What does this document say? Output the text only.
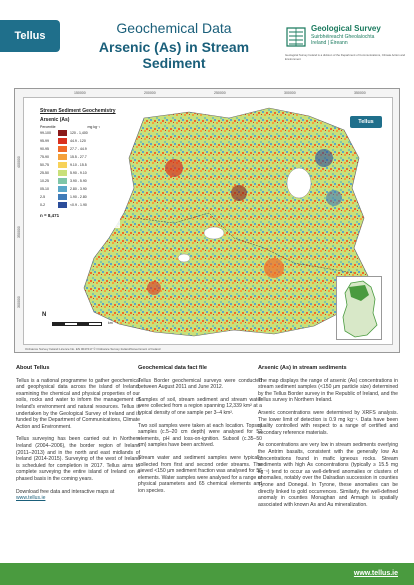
Tellus	Geochemical Data
Arsenic (As) in Stream Sediment
Geological Survey
Suirbhéireacht Gheolaíochta
Ireland | Éireann
Geological Survey Ireland is a division of the Department of Communications, Climate Action and Environment
150000	200000	250000	300000	350000
400000
350000
300000
Stream Sediment Geochemistry
Arsenic (As)
Percentile	mg kg⁻¹
99-100	120 - 1,400
95-99	44.9 - 120
90-95	27.7 - 44.9
75-90	15.5 - 27.7
50-75	9.10 - 15.5
25-50	5.90 - 9.10
10-25	3.90 - 5.90
05-10	2.80 - 3.90
2-5	1.90 - 2.80
0-2	<0.9 - 1.90
n = 8,471
Tellus
N
km
Ordnance Survey Ireland Licence No. EN 0047217 © Ordnance Survey Ireland/Government of Ireland
About Tellus

Tellus is a national programme to gather geochemical and geophysical data across the island of Ireland, examining the chemical and physical properties of our soils, rocks and water to inform the management of Ireland's environment and natural resources. Tellus is undertaken by the Geological Survey of Ireland and is funded by the Department of Communications, Climate Action and Environment.

Tellus surveying has been carried out in Northern Ireland (2004–2006), the border region of Ireland (2011–2013) and in the north and east midlands of Ireland (2014-2015). Surveying of the west of Ireland is scheduled for completion in 2017. Tellus aims to complete surveying the entire island of Ireland on a phased basis in the coming years.

Download free data and interactive maps at
www.tellus.ie

Geochemical data fact file

Tellus Border geochemical surveys were conducted between August 2011 and June 2012.

Samples of soil, stream sediment and stream water were collected from a region spanning 12,339 km² at a typical density of one sample per 3–4 km².

Two soil samples were taken at each location. Topsoil samples (c.5–20 cm depth) were analysed for 52 elements, pH and loss-on-ignition. Subsoil (c.35–50 cm) samples have been archived.

Stream water and sediment samples were typically collected from first and second order streams. The sieved <150 µm sediment fraction was analysed for 56 elements. Water samples were analysed for a range of physical parameters and 65 chemical elements and ion species.

Arsenic (As) in stream sediments

The map displays the range of arsenic (As) concentrations in stream sediment samples (<150 µm particle size) determined by the Tellus Border survey in the Republic of Ireland, and the Tellus survey in Northern Ireland.

Arsenic concentrations were determined by XRFS analysis. The lower limit of detection is 0.9 mg kg⁻¹. Data have been quality controlled with respect to a range of certified and secondary reference materials.

As concentrations are very low in stream sediments overlying the Antrim basalts, consistent with the generally low As concentrations found in mafic igneous rocks. Stream sediments with high As concentrations (typically ≥ 15.5 mg kg⁻¹) tend to occur as well-defined anomalies or clusters of anomalies, notably over the Dalradian succession in counties Tyrone and Donegal. In Tyrone, these anomalies can be directly linked to gold occurrences. Similarly, the well-defined anomaly in counties Monaghan and Armagh is spatially associated with known As and Au mineralization.

www.tellus.ie
